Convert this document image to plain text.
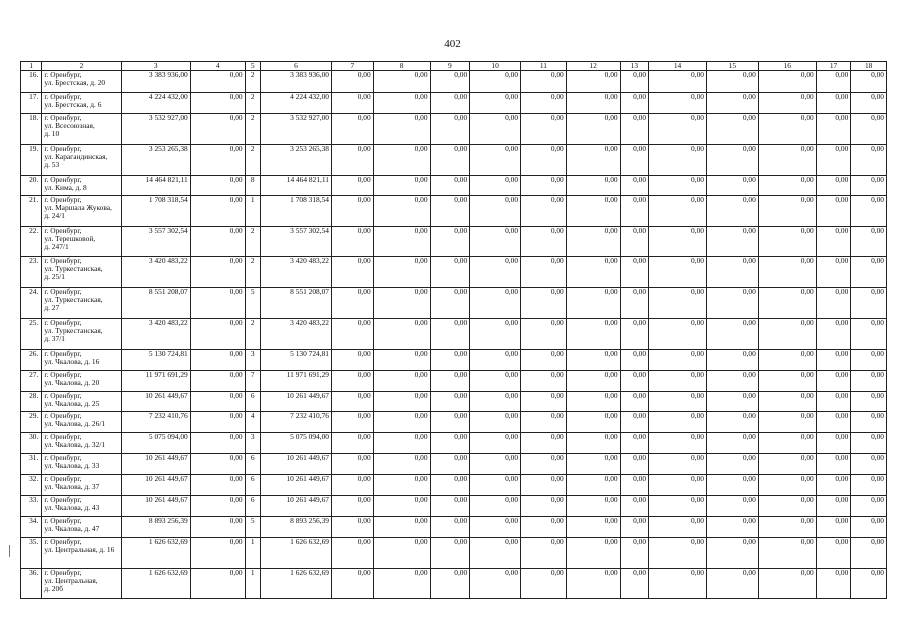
402
1	2	3	4	5	6	7	8	9	10	11	12	13	14	15	16	17	18
16.	г. Оренбург,
ул. Брестская, д. 20	3 383 936,00	0,00	2	3 383 936,00	0,00	0,00	0,00	0,00	0,00	0,00	0,00	0,00	0,00	0,00	0,00	0,00
17.	г. Оренбург,
ул. Брестская, д. 6	4 224 432,00	0,00	2	4 224 432,00	0,00	0,00	0,00	0,00	0,00	0,00	0,00	0,00	0,00	0,00	0,00	0,00
18.	г. Оренбург,
ул. Всесоюзная,
д. 10	3 532 927,00	0,00	2	3 532 927,00	0,00	0,00	0,00	0,00	0,00	0,00	0,00	0,00	0,00	0,00	0,00	0,00
19.	г. Оренбург,
ул. Карагандинская,
д. 53	3 253 265,38	0,00	2	3 253 265,38	0,00	0,00	0,00	0,00	0,00	0,00	0,00	0,00	0,00	0,00	0,00	0,00
20.	г. Оренбург,
ул. Кима, д. 8	14 464 821,11	0,00	8	14 464 821,11	0,00	0,00	0,00	0,00	0,00	0,00	0,00	0,00	0,00	0,00	0,00	0,00
21.	г. Оренбург,
ул. Маршала Жукова,
д. 24/1	1 708 318,54	0,00	1	1 708 318,54	0,00	0,00	0,00	0,00	0,00	0,00	0,00	0,00	0,00	0,00	0,00	0,00
22.	г. Оренбург,
ул. Терешковой,
д. 247/1	3 557 302,54	0,00	2	3 557 302,54	0,00	0,00	0,00	0,00	0,00	0,00	0,00	0,00	0,00	0,00	0,00	0,00
23.	г. Оренбург,
ул. Туркестанская,
д. 25/1	3 420 483,22	0,00	2	3 420 483,22	0,00	0,00	0,00	0,00	0,00	0,00	0,00	0,00	0,00	0,00	0,00	0,00
24.	г. Оренбург,
ул. Туркестанская,
д. 27	8 551 208,07	0,00	5	8 551 208,07	0,00	0,00	0,00	0,00	0,00	0,00	0,00	0,00	0,00	0,00	0,00	0,00
25.	г. Оренбург,
ул. Туркестанская,
д. 37/1	3 420 483,22	0,00	2	3 420 483,22	0,00	0,00	0,00	0,00	0,00	0,00	0,00	0,00	0,00	0,00	0,00	0,00
26.	г. Оренбург,
ул. Чкалова, д. 16	5 130 724,81	0,00	3	5 130 724,81	0,00	0,00	0,00	0,00	0,00	0,00	0,00	0,00	0,00	0,00	0,00	0,00
27.	г. Оренбург,
ул. Чкалова, д. 20	11 971 691,29	0,00	7	11 971 691,29	0,00	0,00	0,00	0,00	0,00	0,00	0,00	0,00	0,00	0,00	0,00	0,00
28.	г. Оренбург,
ул. Чкалова, д. 25	10 261 449,67	0,00	6	10 261 449,67	0,00	0,00	0,00	0,00	0,00	0,00	0,00	0,00	0,00	0,00	0,00	0,00
29.	г. Оренбург,
ул. Чкалова, д. 26/1	7 232 410,76	0,00	4	7 232 410,76	0,00	0,00	0,00	0,00	0,00	0,00	0,00	0,00	0,00	0,00	0,00	0,00
30.	г. Оренбург,
ул. Чкалова, д. 32/1	5 075 094,00	0,00	3	5 075 094,00	0,00	0,00	0,00	0,00	0,00	0,00	0,00	0,00	0,00	0,00	0,00	0,00
31.	г. Оренбург,
ул. Чкалова, д. 33	10 261 449,67	0,00	6	10 261 449,67	0,00	0,00	0,00	0,00	0,00	0,00	0,00	0,00	0,00	0,00	0,00	0,00
32.	г. Оренбург,
ул. Чкалова, д. 37	10 261 449,67	0,00	6	10 261 449,67	0,00	0,00	0,00	0,00	0,00	0,00	0,00	0,00	0,00	0,00	0,00	0,00
33.	г. Оренбург,
ул. Чкалова, д. 43	10 261 449,67	0,00	6	10 261 449,67	0,00	0,00	0,00	0,00	0,00	0,00	0,00	0,00	0,00	0,00	0,00	0,00
34.	г. Оренбург,
ул. Чкалова, д. 47	8 893 256,39	0,00	5	8 893 256,39	0,00	0,00	0,00	0,00	0,00	0,00	0,00	0,00	0,00	0,00	0,00	0,00
35.	г. Оренбург,
ул. Центральная, д. 16	1 626 632,69	0,00	1	1 626 632,69	0,00	0,00	0,00	0,00	0,00	0,00	0,00	0,00	0,00	0,00	0,00	0,00
36.	г. Оренбург,
ул. Центральная,
д. 20б	1 626 632,69	0,00	1	1 626 632,69	0,00	0,00	0,00	0,00	0,00	0,00	0,00	0,00	0,00	0,00	0,00	0,00
